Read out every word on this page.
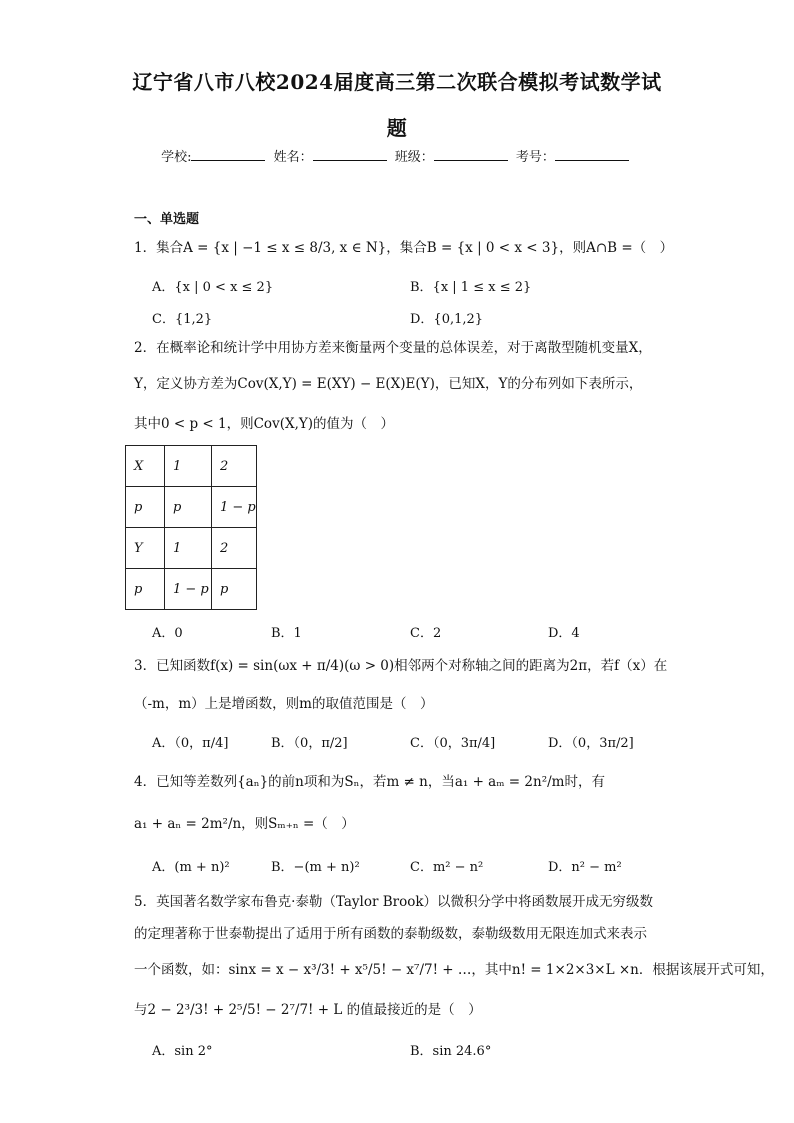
辽宁省八市八校2024届度高三第二次联合模拟考试数学试
题
学校:	姓名：	班级：	考号：
一、单选题
1．集合A = {x | −1 ≤ x ≤ 8/3, x ∈ N}，集合B = {x | 0 < x < 3}，则A∩B =（　）
A．{x | 0 < x ≤ 2}	B．{x | 1 ≤ x ≤ 2}
C．{1,2}	D．{0,1,2}
2．在概率论和统计学中用协方差来衡量两个变量的总体误差，对于离散型随机变量X，
Y，定义协方差为Cov(X,Y) = E(XY) − E(X)E(Y)，已知X，Y的分布列如下表所示，
其中0 < p < 1，则Cov(X,Y)的值为（　）
X	1	2
p	p	1 − p
Y	1	2
p	1 − p	p
A．0	B．1	C．2	D．4
3．已知函数f(x) = sin(ωx + π/4)(ω > 0)相邻两个对称轴之间的距离为2π，若f（x）在
（-m，m）上是增函数，则m的取值范围是（　）
A．（0，π/4]	B．（0，π/2]	C．（0，3π/4]	D．（0，3π/2]
4．已知等差数列{aₙ}的前n项和为Sₙ，若m ≠ n，当a₁ + aₘ = 2n²/m时，有
a₁ + aₙ = 2m²/n，则Sₘ₊ₙ =（　）
A．(m + n)²	B．−(m + n)²	C．m² − n²	D．n² − m²
5．英国著名数学家布鲁克·泰勒（Taylor Brook）以微积分学中将函数展开成无穷级数
的定理著称于世泰勒提出了适用于所有函数的泰勒级数，泰勒级数用无限连加式来表示
一个函数，如：sinx = x − x³/3! + x⁵/5! − x⁷/7! + …，其中n! = 1×2×3×L ×n．根据该展开式可知，
与2 − 2³/3! + 2⁵/5! − 2⁷/7! + L 的值最接近的是（　）
A．sin 2°	B．sin 24.6°
